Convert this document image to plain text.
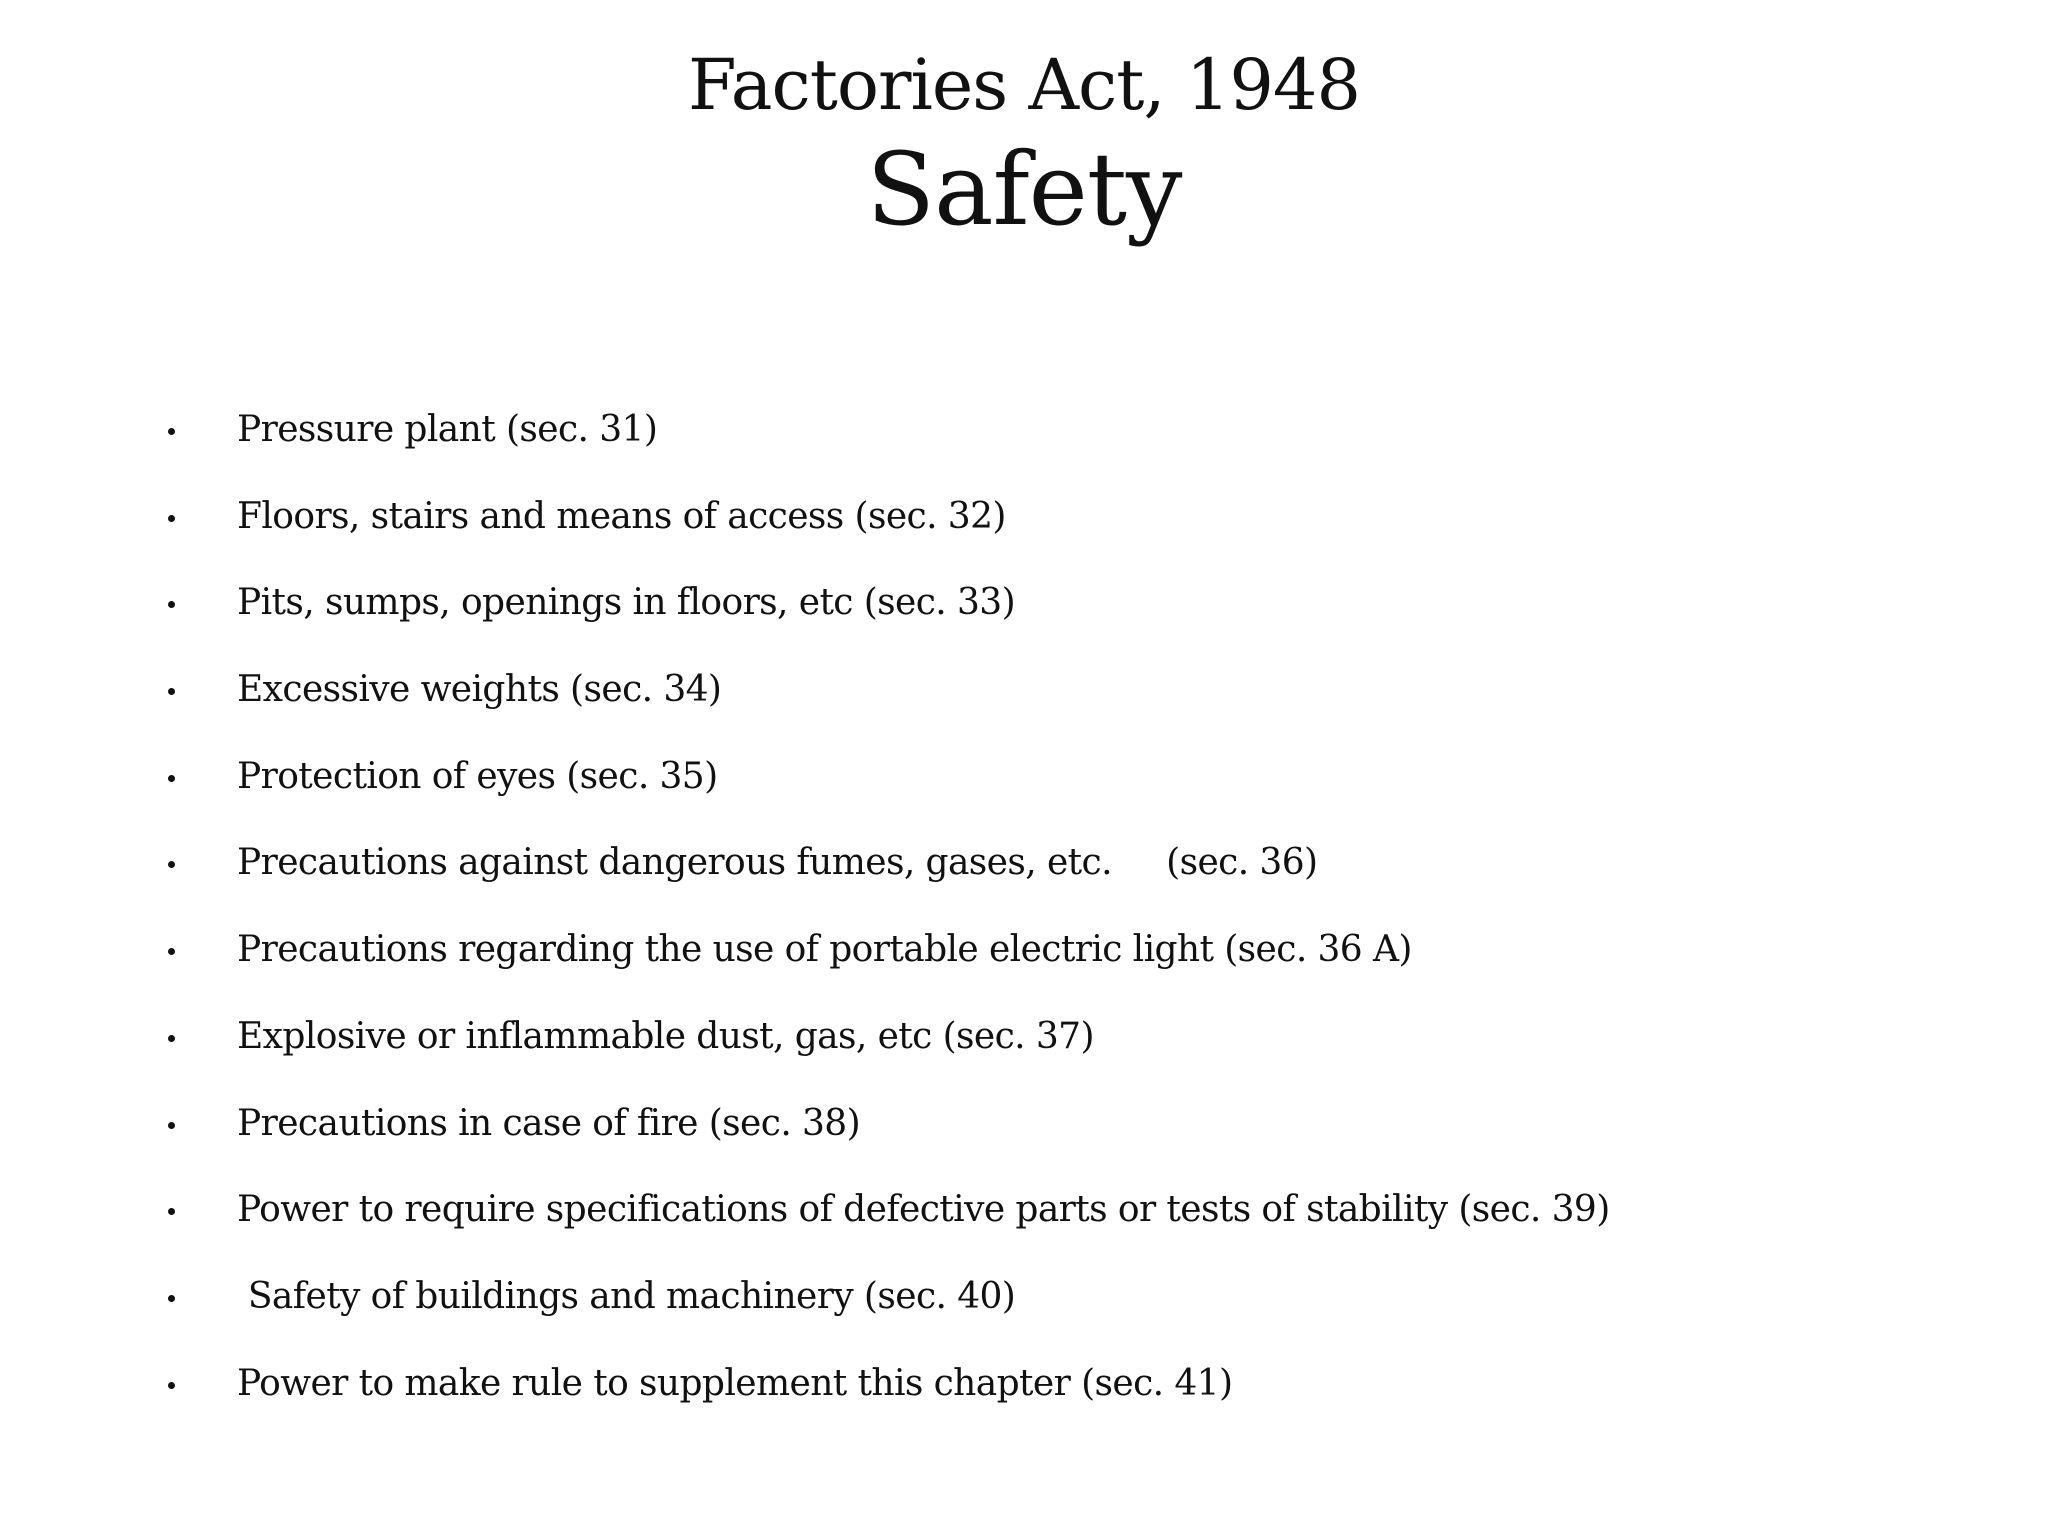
Factories Act, 1948
Safety
Pressure plant (sec. 31)
Floors, stairs and means of access (sec. 32)
Pits, sumps, openings in floors, etc (sec. 33)
Excessive weights (sec. 34)
Protection of eyes (sec. 35)
Precautions against dangerous fumes, gases, etc.     (sec. 36)
Precautions regarding the use of portable electric light (sec. 36 A)
Explosive or inflammable dust, gas, etc (sec. 37)
Precautions in case of fire (sec. 38)
Power to require specifications of defective parts or tests of stability (sec. 39)
Safety of buildings and machinery (sec. 40)
Power to make rule to supplement this chapter (sec. 41)
